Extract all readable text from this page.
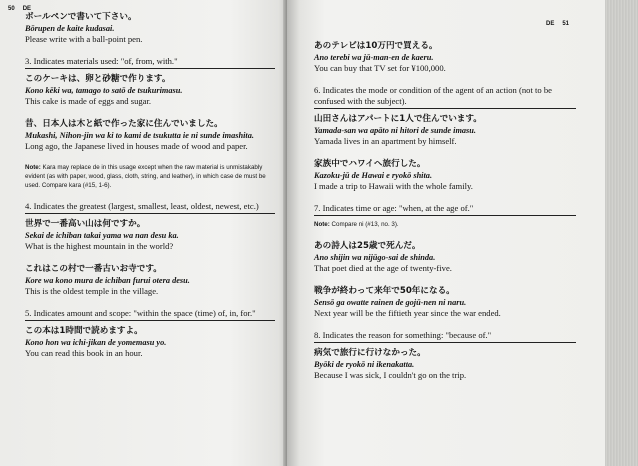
50 DE
ボールペンで書いて下さい。
Bōrupen de kaite kudasai.
Please write with a ball-point pen.
3. Indicates materials used: "of, from, with."
このケーキは、卵と砂糖で作ります。
Kono kēki wa, tamago to satō de tsukurimasu.
This cake is made of eggs and sugar.
昔、日本人は木と紙で作った家に住んでいました。
Mukashi, Nihon-jin wa ki to kami de tsukutta ie ni sunde imashita.
Long ago, the Japanese lived in houses made of wood and paper.
Note: Kara may replace de in this usage except when the raw material is unmistakably evident (as with paper, wood, glass, cloth, string, and leather), in which case de must be used. Compare kara (#15, 1-6).
4. Indicates the greatest (largest, smallest, least, oldest, newest, etc.)
世界で一番高い山は何ですか。
Sekai de ichiban takai yama wa nan desu ka.
What is the highest mountain in the world?
これはこの村で一番古いお寺です。
Kore wa kono mura de ichiban furui otera desu.
This is the oldest temple in the village.
5. Indicates amount and scope: "within the space (time) of, in, for."
この本は1時間で読めますよ。
Kono hon wa ichi-jikan de yomemasu yo.
You can read this book in an hour.
DE 51
あのテレビは10万円で買える。
Ano terebi wa jū-man-en de kaeru.
You can buy that TV set for ¥100,000.
6. Indicates the mode or condition of the agent of an action (not to be confused with the subject).
山田さんはアパートに1人で住んでいます。
Yamada-san wa apāto ni hitori de sunde imasu.
Yamada lives in an apartment by himself.
家族中でハワイへ旅行した。
Kazoku-jū de Hawai e ryokō shita.
I made a trip to Hawaii with the whole family.
7. Indicates time or age: "when, at the age of."
Note: Compare ni (#13, no. 3).
あの詩人は25歳で死んだ。
Ano shijin wa nijūgo-sai de shinda.
That poet died at the age of twenty-five.
戦争が終わって来年で50年になる。
Sensō ga owatte rainen de gojū-nen ni naru.
Next year will be the fiftieth year since the war ended.
8. Indicates the reason for something: "because of."
病気で旅行に行けなかった。
Byōki de ryokō ni ikenakatta.
Because I was sick, I couldn't go on the trip.
